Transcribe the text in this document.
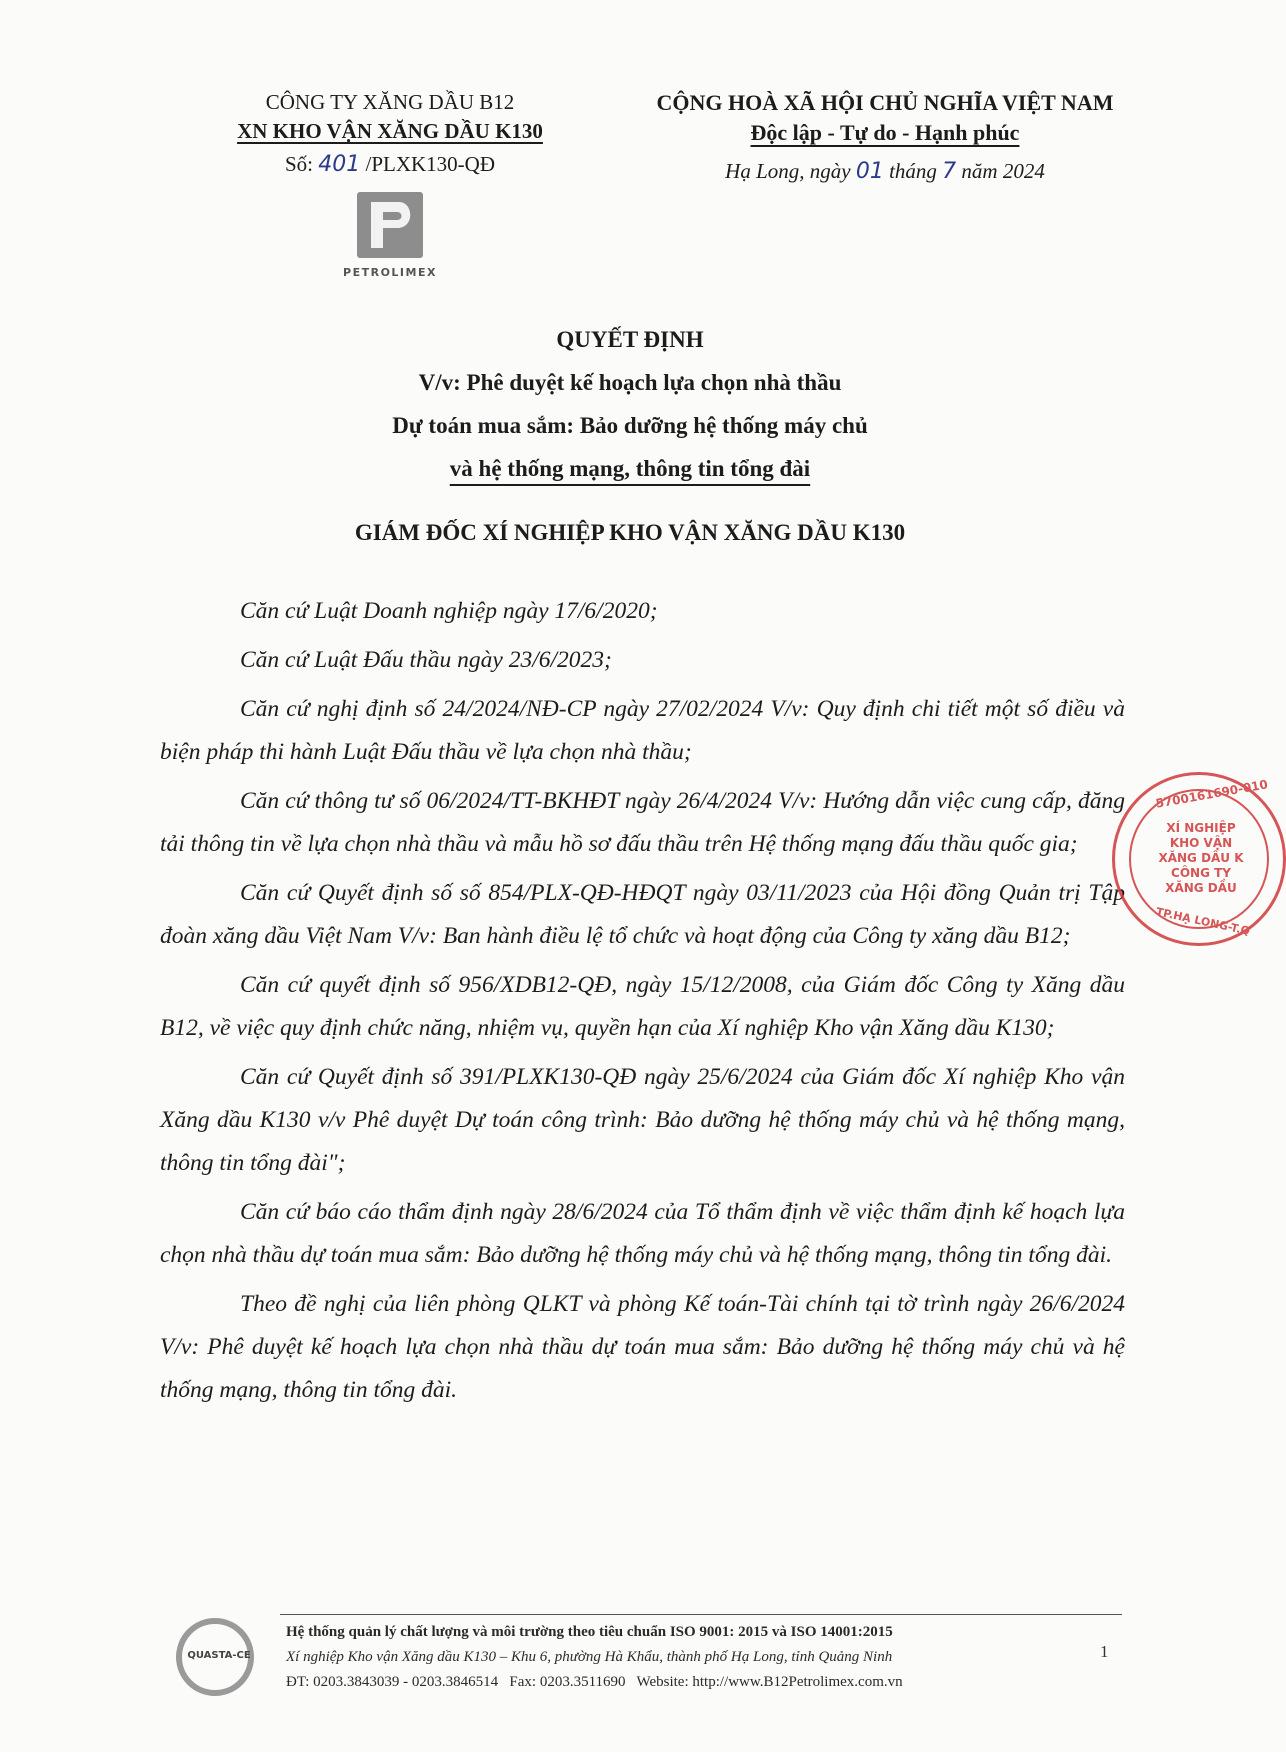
CÔNG TY XĂNG DẦU B12
XN KHO VẬN XĂNG DẦU K130
Số: 401 /PLXK130-QĐ
PETROLIMEX
CỘNG HOÀ XÃ HỘI CHỦ NGHĨA VIỆT NAM
Độc lập - Tự do - Hạnh phúc
Hạ Long, ngày 01 tháng 7 năm 2024
QUYẾT ĐỊNH
V/v: Phê duyệt kế hoạch lựa chọn nhà thầu
Dự toán mua sắm: Bảo dưỡng hệ thống máy chủ
và hệ thống mạng, thông tin tổng đài
GIÁM ĐỐC XÍ NGHIỆP KHO VẬN XĂNG DẦU K130

Căn cứ Luật Doanh nghiệp ngày 17/6/2020;

Căn cứ Luật Đấu thầu ngày 23/6/2023;

Căn cứ nghị định số 24/2024/NĐ-CP ngày 27/02/2024 V/v: Quy định chi tiết một số điều và biện pháp thi hành Luật Đấu thầu về lựa chọn nhà thầu;

Căn cứ thông tư số 06/2024/TT-BKHĐT ngày 26/4/2024 V/v: Hướng dẫn việc cung cấp, đăng tải thông tin về lựa chọn nhà thầu và mẫu hồ sơ đấu thầu trên Hệ thống mạng đấu thầu quốc gia;

Căn cứ Quyết định số số 854/PLX-QĐ-HĐQT ngày 03/11/2023 của Hội đồng Quản trị Tập đoàn xăng dầu Việt Nam V/v: Ban hành điều lệ tổ chức và hoạt động của Công ty xăng dầu B12;

Căn cứ quyết định số 956/XDB12-QĐ, ngày 15/12/2008, của Giám đốc Công ty Xăng dầu B12, về việc quy định chức năng, nhiệm vụ, quyền hạn của Xí nghiệp Kho vận Xăng dầu K130;

Căn cứ Quyết định số 391/PLXK130-QĐ ngày 25/6/2024 của Giám đốc Xí nghiệp Kho vận Xăng dầu K130 v/v Phê duyệt Dự toán công trình: Bảo dưỡng hệ thống máy chủ và hệ thống mạng, thông tin tổng đài";

Căn cứ báo cáo thẩm định ngày 28/6/2024 của Tổ thẩm định về việc thẩm định kế hoạch lựa chọn nhà thầu dự toán mua sắm: Bảo dưỡng hệ thống máy chủ và hệ thống mạng, thông tin tổng đài.

Theo đề nghị của liên phòng QLKT và phòng Kế toán-Tài chính tại tờ trình ngày 26/6/2024 V/v: Phê duyệt kế hoạch lựa chọn nhà thầu dự toán mua sắm: Bảo dưỡng hệ thống máy chủ và hệ thống mạng, thông tin tổng đài.

5700161690-010
XÍ NGHIỆP
KHO VẬN
XĂNG DẦU K
CÔNG TY
XĂNG DẦU
TP.HẠ LONG-T.Q
QUASTA-CE
Hệ thống quản lý chất lượng và môi trường theo tiêu chuẩn ISO 9001: 2015 và ISO 14001:2015
Xí nghiệp Kho vận Xăng dầu K130 – Khu 6, phường Hà Khẩu, thành phố Hạ Long, tỉnh Quảng Ninh
ĐT: 0203.3843039 - 0203.3846514   Fax: 0203.3511690   Website: http://www.B12Petrolimex.com.vn
1
